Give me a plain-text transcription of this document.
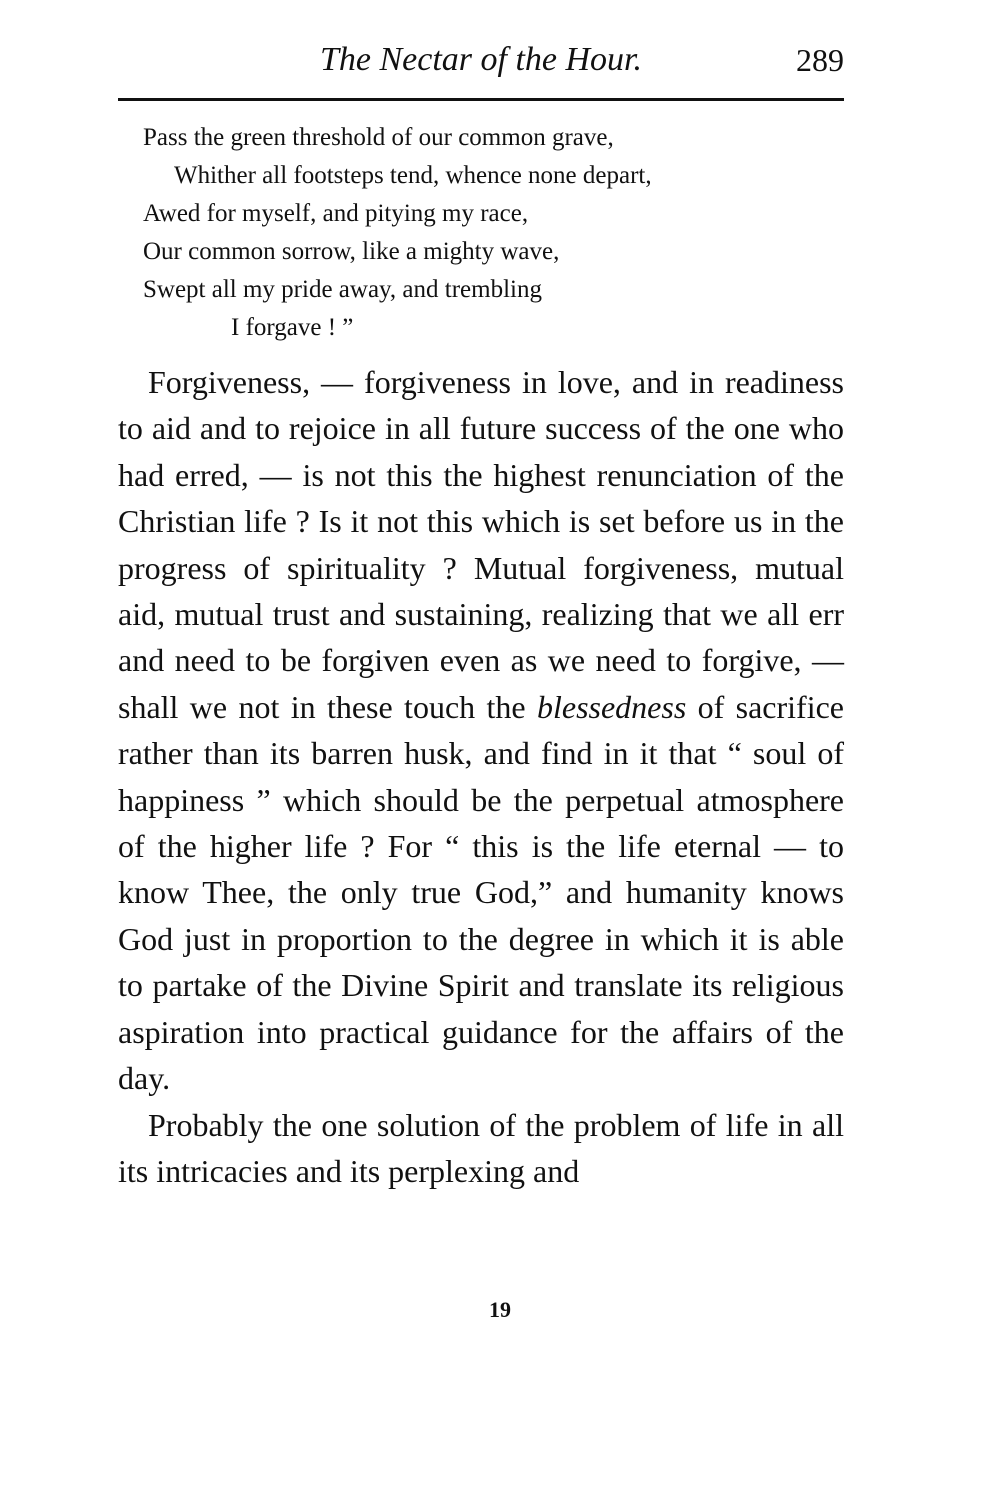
The Nectar of the Hour.	289
Pass the green threshold of our common grave,
Whither all footsteps tend, whence none depart,
Awed for myself, and pitying my race,
Our common sorrow, like a mighty wave,
Swept all my pride away, and trembling
I forgave ! ”

Forgiveness, — forgiveness in love, and in readiness to aid and to rejoice in all future success of the one who had erred, — is not this the highest renunciation of the Christian life ? Is it not this which is set before us in the progress of spirituality ? Mutual forgiveness, mutual aid, mutual trust and sustaining, realizing that we all err and need to be forgiven even as we need to forgive, — shall we not in these touch the blessedness of sacrifice rather than its barren husk, and find in it that “ soul of happiness ” which should be the perpetual atmosphere of the higher life ? For “ this is the life eternal — to know Thee, the only true God,” and humanity knows God just in proportion to the degree in which it is able to partake of the Divine Spirit and translate its religious aspiration into practical guidance for the affairs of the day.

Probably the one solution of the problem of life in all its intricacies and its perplexing and

19
